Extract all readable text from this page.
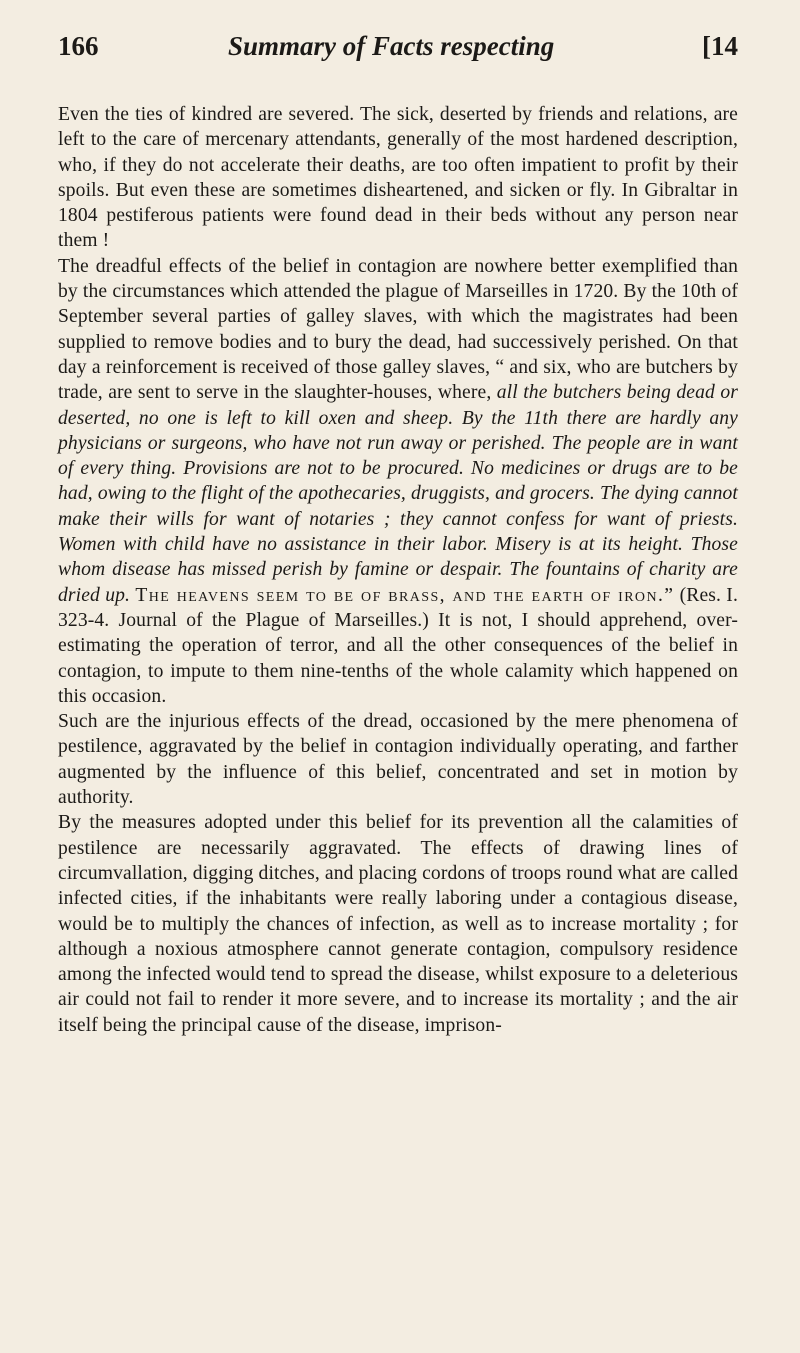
166	Summary of Facts respecting	[14

Even the ties of kindred are severed. The sick, deserted by friends and relations, are left to the care of mercenary attendants, generally of the most hardened description, who, if they do not accelerate their deaths, are too often impatient to profit by their spoils. But even these are sometimes disheartened, and sicken or fly. In Gibraltar in 1804 pestiferous patients were found dead in their beds without any person near them !

The dreadful effects of the belief in contagion are nowhere better exemplified than by the circumstances which attended the plague of Marseilles in 1720. By the 10th of September several parties of galley slaves, with which the magistrates had been supplied to remove bodies and to bury the dead, had successively perished. On that day a reinforcement is received of those galley slaves, “ and six, who are butchers by trade, are sent to serve in the slaughter-houses, where, all the butchers being dead or deserted, no one is left to kill oxen and sheep. By the 11th there are hardly any physicians or surgeons, who have not run away or perished. The people are in want of every thing. Provisions are not to be procured. No medicines or drugs are to be had, owing to the flight of the apothecaries, druggists, and grocers. The dying cannot make their wills for want of notaries ; they cannot confess for want of priests. Women with child have no assistance in their labor. Misery is at its height. Those whom disease has missed perish by famine or despair. The fountains of charity are dried up. The heavens seem to be of brass, and the earth of iron.” (Res. I. 323-4. Journal of the Plague of Marseilles.) It is not, I should apprehend, over-estimating the operation of terror, and all the other consequences of the belief in contagion, to impute to them nine-tenths of the whole calamity which happened on this occasion.

Such are the injurious effects of the dread, occasioned by the mere phenomena of pestilence, aggravated by the belief in contagion individually operating, and farther augmented by the influence of this belief, concentrated and set in motion by authority.

By the measures adopted under this belief for its prevention all the calamities of pestilence are necessarily aggravated. The effects of drawing lines of circumvallation, digging ditches, and placing cordons of troops round what are called infected cities, if the inhabitants were really laboring under a contagious disease, would be to multiply the chances of infection, as well as to increase mortality ; for although a noxious atmosphere cannot generate contagion, compulsory residence among the infected would tend to spread the disease, whilst exposure to a deleterious air could not fail to render it more severe, and to increase its mortality ; and the air itself being the principal cause of the disease, imprison-
